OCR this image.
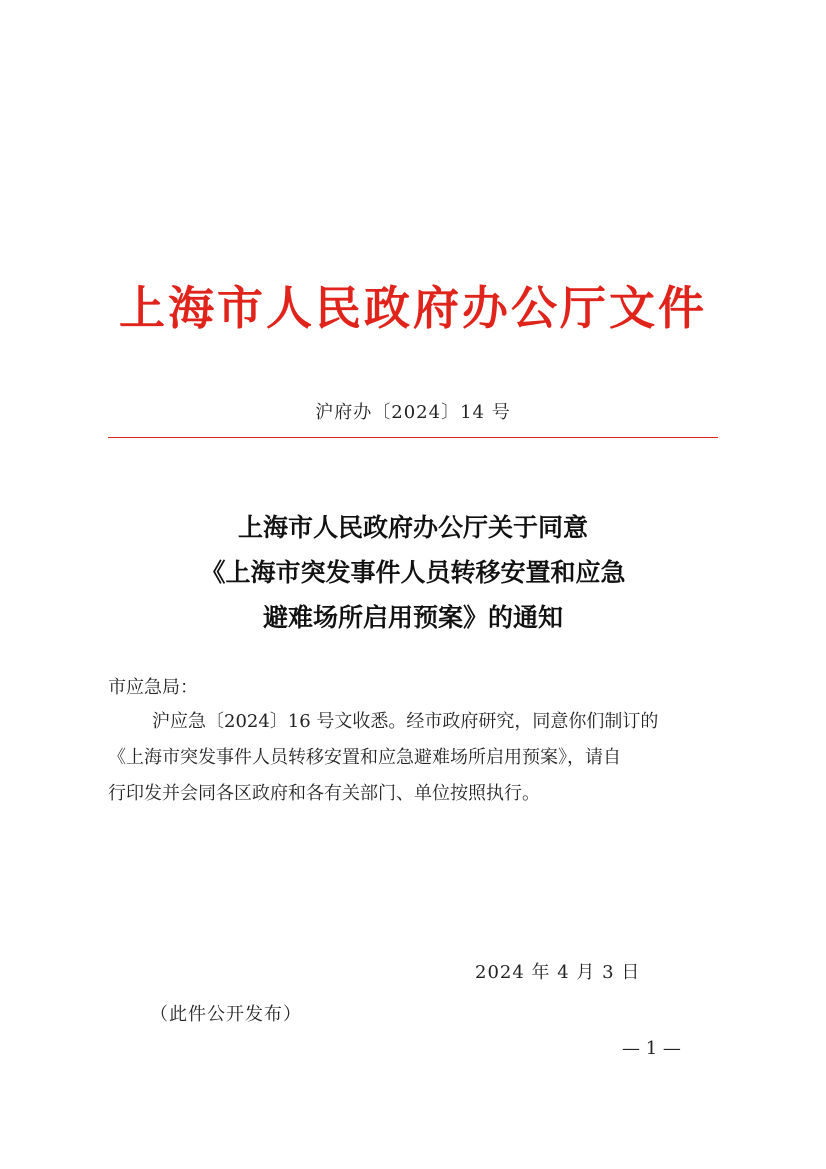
上海市人民政府办公厅文件
沪府办〔2024〕14 号
上海市人民政府办公厅关于同意
《上海市突发事件人员转移安置和应急
避难场所启用预案》的通知
市应急局：
沪应急〔2024〕16 号文收悉。经市政府研究，同意你们制订的
《上海市突发事件人员转移安置和应急避难场所启用预案》，请自
行印发并会同各区政府和各有关部门、单位按照执行。
2024 年 4 月 3 日
（此件公开发布）
— 1 —
